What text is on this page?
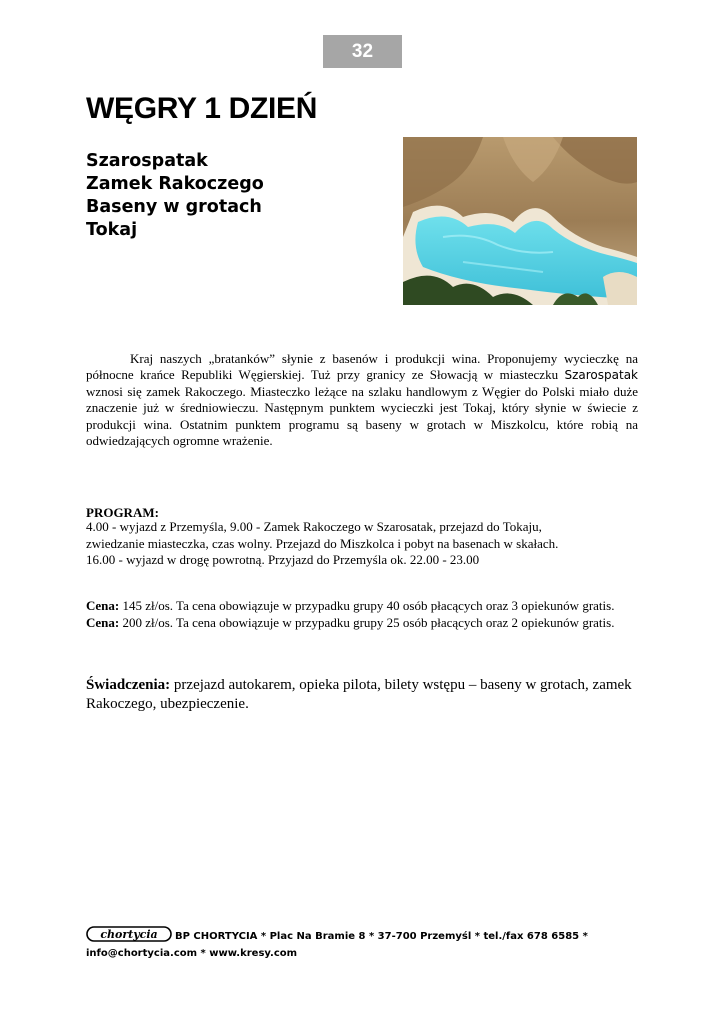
32
WĘGRY 1 DZIEŃ
Szarospatak
Zamek Rakoczego
Baseny w grotach
Tokaj

Kraj naszych „bratanków” słynie z basenów i produkcji wina. Proponujemy wycieczkę na północne krańce Republiki Węgierskiej. Tuż przy granicy ze Słowacją w miasteczku Szarospatak wznosi się zamek Rakoczego. Miasteczko leżące na szlaku handlowym z Węgier do Polski miało duże znaczenie już w średniowieczu. Następnym punktem wycieczki jest Tokaj, który słynie w świecie z produkcji wina. Ostatnim punktem programu są baseny w grotach w Miszkolcu, które robią na odwiedzających ogromne wrażenie.

PROGRAM:

4.00 - wyjazd z Przemyśla, 9.00 - Zamek Rakoczego w Szarosatak, przejazd do Tokaju,
zwiedzanie miasteczka, czas wolny. Przejazd do Miszkolca i pobyt na basenach w skałach.
16.00 - wyjazd w drogę powrotną. Przyjazd do Przemyśla ok. 22.00 - 23.00
Cena: 145 zł/os. Ta cena obowiązuje w przypadku grupy 40 osób płacących oraz 3 opiekunów gratis.
Cena: 200 zł/os. Ta cena obowiązuje w przypadku grupy 25 osób płacących oraz 2 opiekunów gratis.

Świadczenia: przejazd autokarem, opieka pilota, bilety wstępu – baseny w grotach, zamek Rakoczego, ubezpieczenie.

chortycia BP CHORTYCIA * Plac Na Bramie 8 * 37-700 Przemyśl * tel./fax 678 6585 * info@chortycia.com * www.kresy.com
